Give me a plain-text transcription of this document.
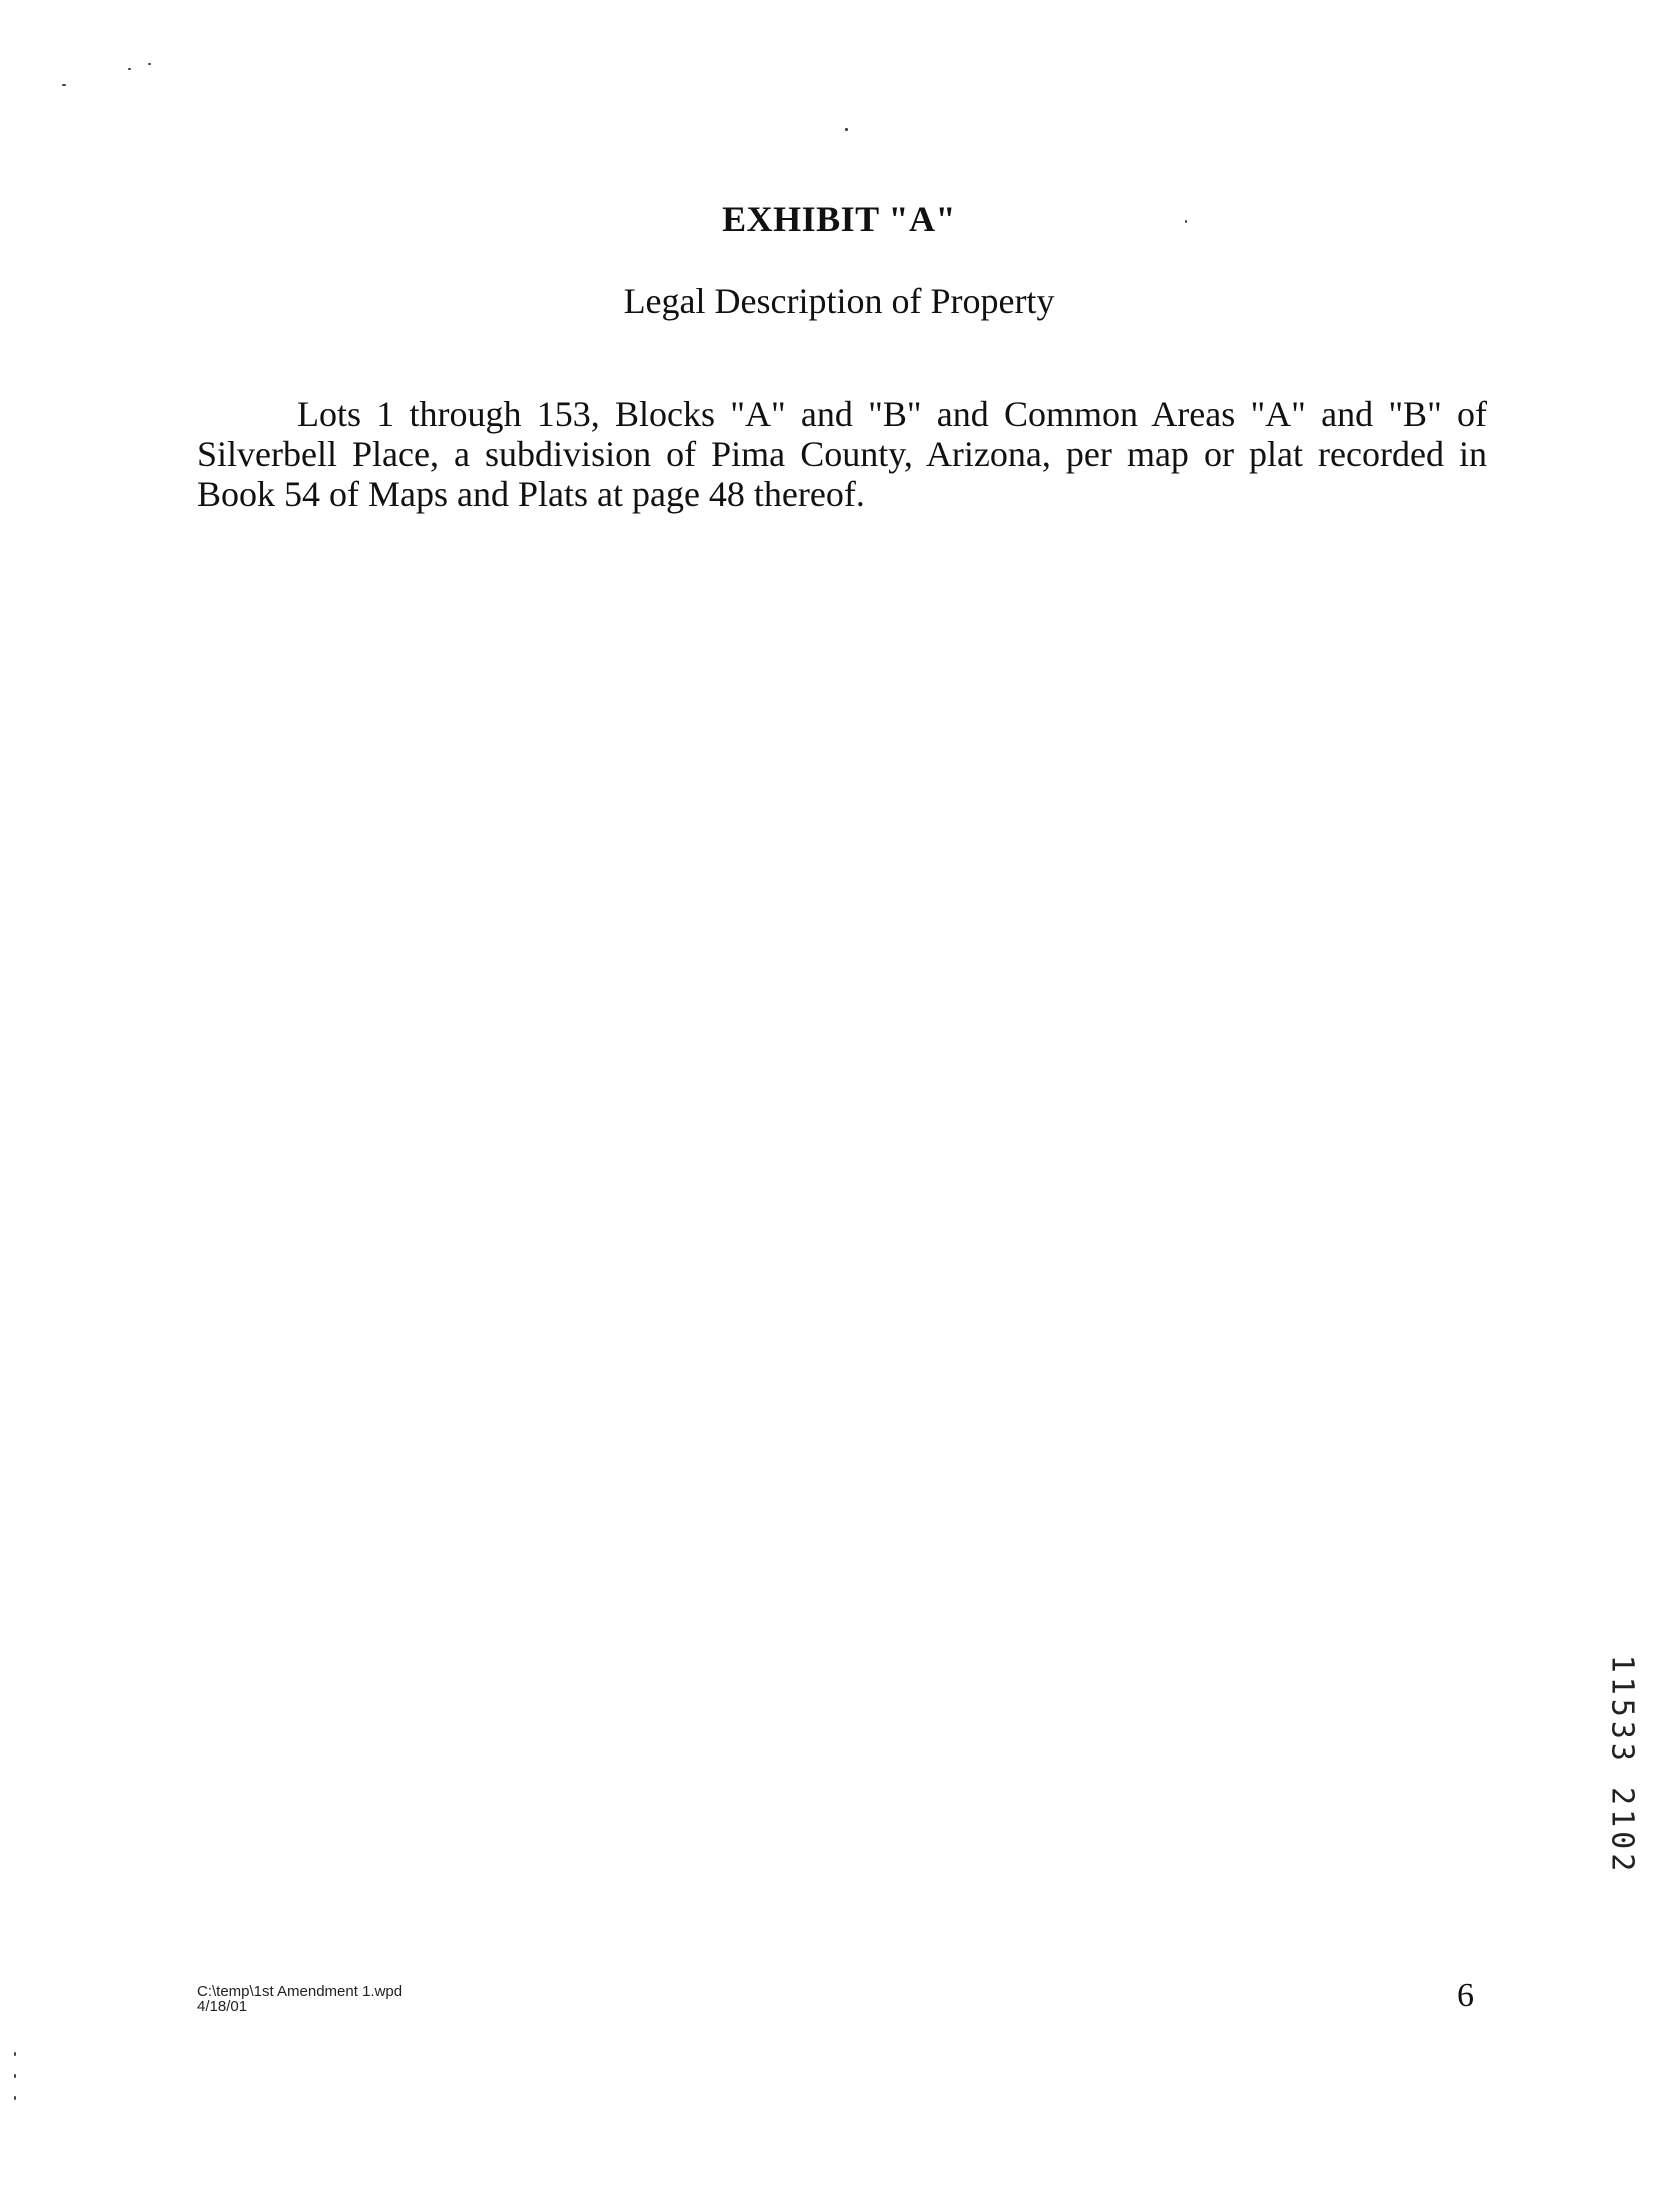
EXHIBIT "A"
Legal Description of Property
Lots 1 through 153, Blocks "A" and "B" and Common Areas "A" and "B" of Silverbell Place, a subdivision of Pima County, Arizona, per map or plat recorded in Book 54 of Maps and Plats at page 48 thereof.
11533 2102
C:\temp\1st Amendment 1.wpd
4/18/01	6
